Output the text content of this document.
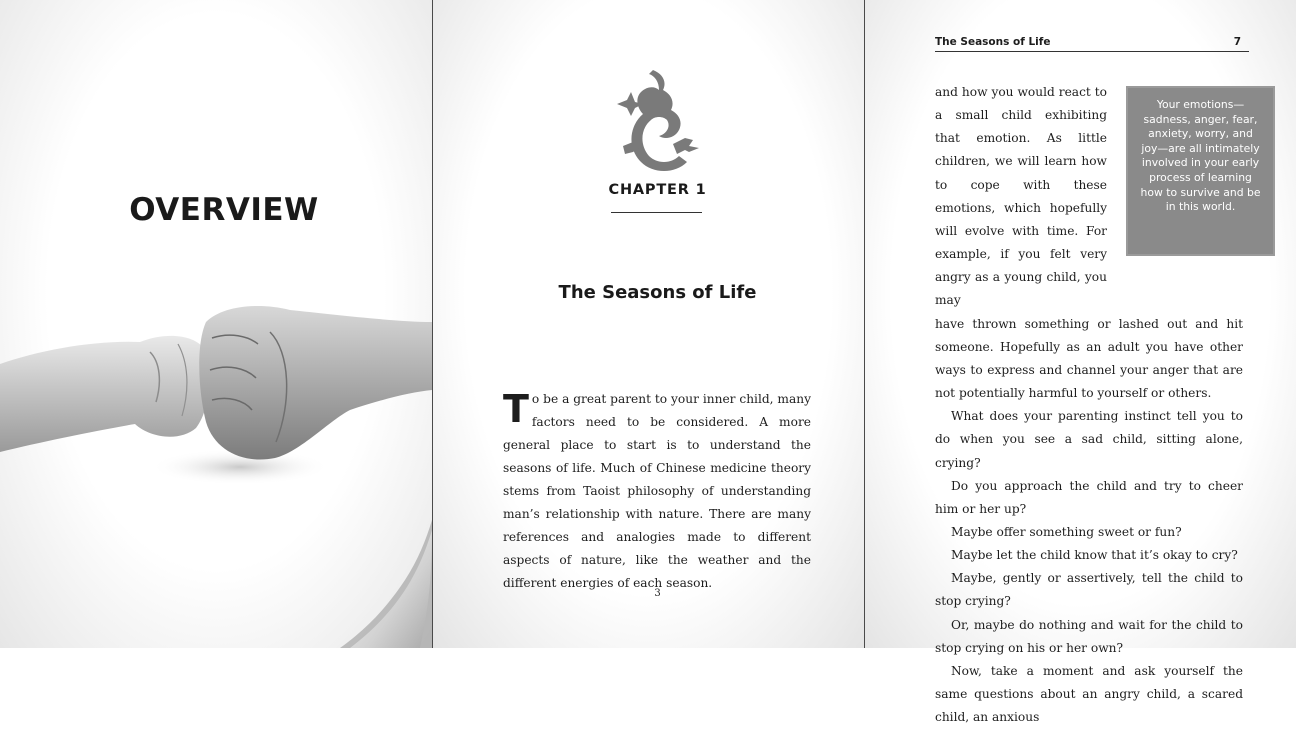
OVERVIEW
CHAPTER 1
The Seasons of Life
To be a great parent to your inner child, many factors need to be considered. A more general place to start is to understand the seasons of life. Much of Chinese medicine theory stems from Taoist philosophy of understanding man’s relationship with nature. There are many references and analogies made to different aspects of nature, like the weather and the different energies of each season.
3
The Seasons of Life	7
Your emotions—sadness, anger, fear, anxiety, worry, and joy—are all intimately involved in your early process of learning how to survive and be in this world.
and how you would react to a small child exhibiting that emotion. As little children, we will learn how to cope with these emotions, which hopefully will evolve with time. For example, if you felt very angry as a young child, you may

have thrown something or lashed out and hit someone. Hopefully as an adult you have other ways to express and channel your anger that are not potentially harmful to yourself or others.

What does your parenting instinct tell you to do when you see a sad child, sitting alone, crying?

Do you approach the child and try to cheer him or her up?

Maybe offer something sweet or fun?

Maybe let the child know that it’s okay to cry?

Maybe, gently or assertively, tell the child to stop crying?

Or, maybe do nothing and wait for the child to stop crying on his or her own?

Now, take a moment and ask yourself the same questions about an angry child, a scared child, an anxious
